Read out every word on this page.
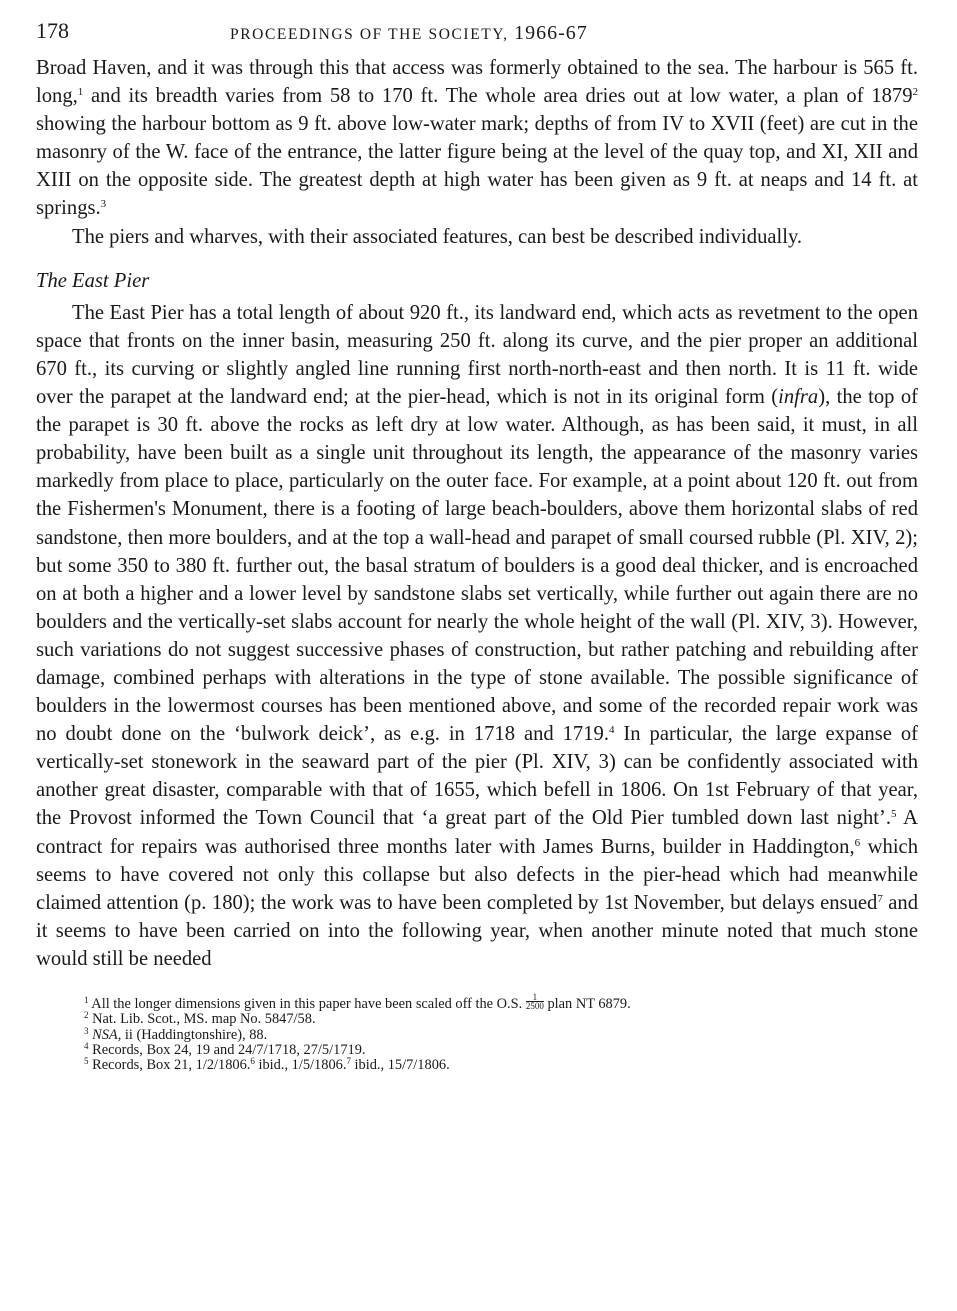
178	PROCEEDINGS OF THE SOCIETY, 1966-67

Broad Haven, and it was through this that access was formerly obtained to the sea. The harbour is 565 ft. long,$^1$ and its breadth varies from 58 to 170 ft. The whole area dries out at low water, a plan of 1879$^2$ showing the harbour bottom as 9 ft. above low-water mark; depths of from IV to XVII (feet) are cut in the masonry of the W. face of the entrance, the latter figure being at the level of the quay top, and XI, XII and XIII on the opposite side. The greatest depth at high water has been given as 9 ft. at neaps and 14 ft. at springs.$^3$

The piers and wharves, with their associated features, can best be described individually.

The East Pier

The East Pier has a total length of about 920 ft., its landward end, which acts as revetment to the open space that fronts on the inner basin, measuring 250 ft. along its curve, and the pier proper an additional 670 ft., its curving or slightly angled line running first north-north-east and then north. It is 11 ft. wide over the parapet at the landward end; at the pier-head, which is not in its original form (infra), the top of the parapet is 30 ft. above the rocks as left dry at low water. Although, as has been said, it must, in all probability, have been built as a single unit throughout its length, the appearance of the masonry varies markedly from place to place, particularly on the outer face. For example, at a point about 120 ft. out from the Fishermen's Monument, there is a footing of large beach-boulders, above them horizontal slabs of red sandstone, then more boulders, and at the top a wall-head and parapet of small coursed rubble (Pl. XIV, 2); but some 350 to 380 ft. further out, the basal stratum of boulders is a good deal thicker, and is encroached on at both a higher and a lower level by sandstone slabs set vertically, while further out again there are no boulders and the vertically-set slabs account for nearly the whole height of the wall (Pl. XIV, 3). However, such variations do not suggest successive phases of construction, but rather patching and rebuilding after damage, combined perhaps with alterations in the type of stone available. The possible significance of boulders in the lowermost courses has been mentioned above, and some of the recorded repair work was no doubt done on the ‘bulwork deick’, as e.g. in 1718 and 1719.$^4$ In particular, the large expanse of vertically-set stonework in the seaward part of the pier (Pl. XIV, 3) can be confidently associated with another great disaster, comparable with that of 1655, which befell in 1806. On 1st February of that year, the Provost informed the Town Council that ‘a great part of the Old Pier tumbled down last night’.$^5$ A contract for repairs was authorised three months later with James Burns, builder in Haddington,$^6$ which seems to have covered not only this collapse but also defects in the pier-head which had meanwhile claimed attention (p. 180); the work was to have been completed by 1st November, but delays ensued$^7$ and it seems to have been carried on into the following year, when another minute noted that much stone would still be needed

$^1$ All the longer dimensions given in this paper have been scaled off the O.S. $\frac{1}{2500}$ plan NT 6879.

$^2$ Nat. Lib. Scot., MS. map No. 5847/58.

$^3$ NSA, ii (Haddingtonshire), 88.

$^4$ Records, Box 24, 19 and 24/7/1718, 27/5/1719.

$^5$ Records, Box 21, 1/2/1806.$^6$ ibid., 1/5/1806.$^7$ ibid., 15/7/1806.
